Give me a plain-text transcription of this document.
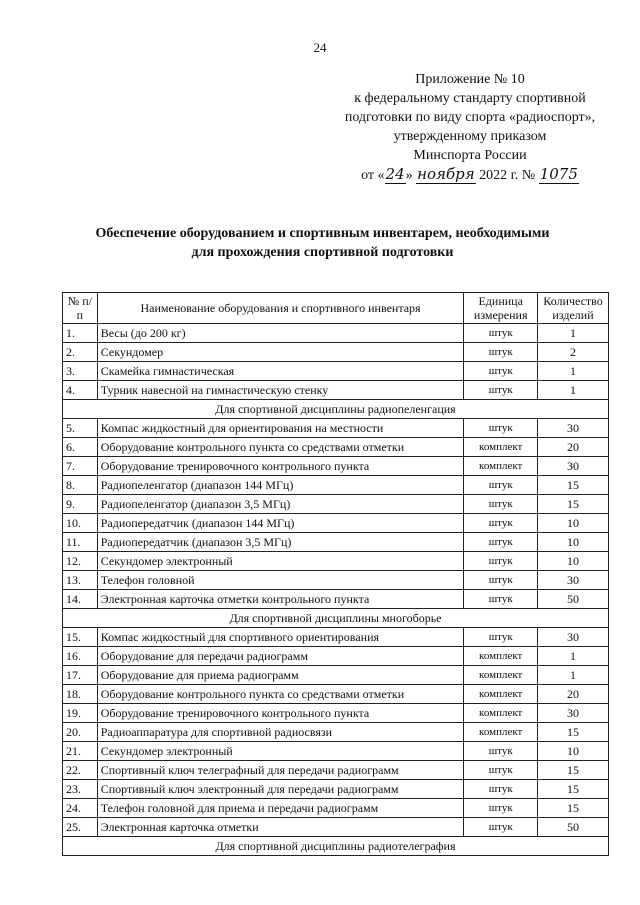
24
Приложение № 10
к федеральному стандарту спортивной
подготовки по виду спорта «радиоспорт»,
утвержденному приказом
Минспорта России
от «24» ноября 2022 г. № 1075
Обеспечение оборудованием и спортивным инвентарем, необходимыми
для прохождения спортивной подготовки
№ п/п	Наименование оборудования и спортивного инвентаря	Единица измерения	Количество изделий
1.	Весы (до 200 кг)	штук	1
2.	Секундомер	штук	2
3.	Скамейка гимнастическая	штук	1
4.	Турник навесной на гимнастическую стенку	штук	1
Для спортивной дисциплины радиопеленгация			
5.	Компас жидкостный для ориентирования на местности	штук	30
6.	Оборудование контрольного пункта со средствами отметки	комплект	20
7.	Оборудование тренировочного контрольного пункта	комплект	30
8.	Радиопеленгатор (диапазон 144 МГц)	штук	15
9.	Радиопеленгатор (диапазон 3,5 МГц)	штук	15
10.	Радиопередатчик (диапазон 144 МГц)	штук	10
11.	Радиопередатчик (диапазон 3,5 МГц)	штук	10
12.	Секундомер электронный	штук	10
13.	Телефон головной	штук	30
14.	Электронная карточка отметки контрольного пункта	штук	50
Для спортивной дисциплины многоборье			
15.	Компас жидкостный для спортивного ориентирования	штук	30
16.	Оборудование для передачи радиограмм	комплект	1
17.	Оборудование для приема радиограмм	комплект	1
18.	Оборудование контрольного пункта со средствами отметки	комплект	20
19.	Оборудование тренировочного контрольного пункта	комплект	30
20.	Радиоаппаратура для спортивной радиосвязи	комплект	15
21.	Секундомер электронный	штук	10
22.	Спортивный ключ телеграфный для передачи радиограмм	штук	15
23.	Спортивный ключ электронный для передачи радиограмм	штук	15
24.	Телефон головной для приема и передачи радиограмм	штук	15
25.	Электронная карточка отметки	штук	50
Для спортивной дисциплины радиотелеграфия			
